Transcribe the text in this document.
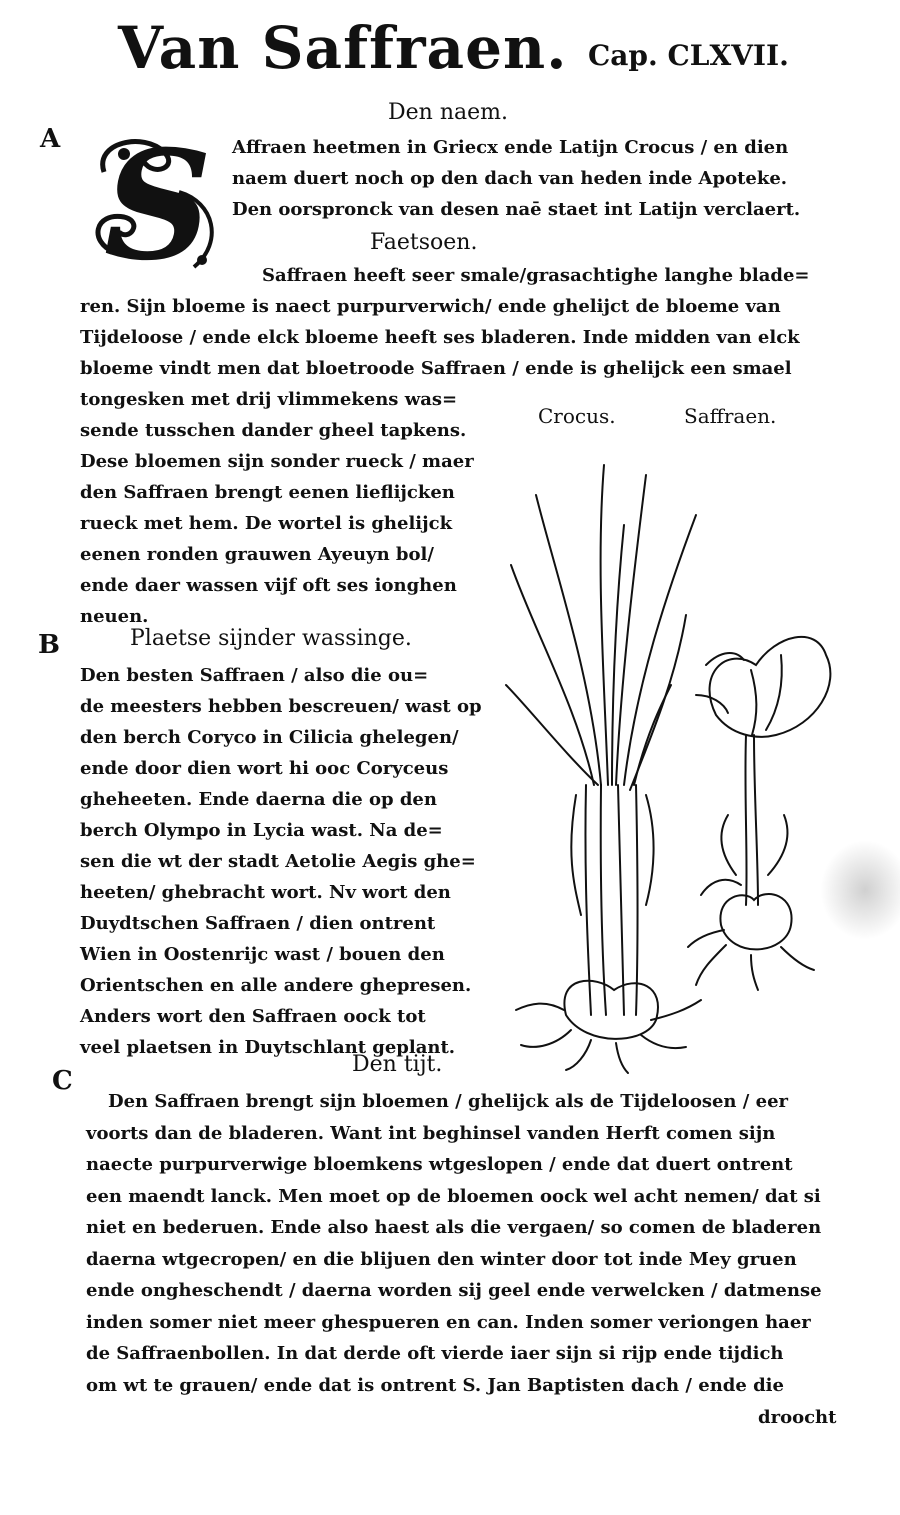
Van Saffraen. Cap. CLXVII.
A
Den naem.
S	Affraen heetmen in Griecx ende Latijn Crocus / en dien
naem duert noch op den dach van heden inde Apoteke.
Den oorspronck van desen naē staet int Latijn verclaert.
Faetsoen.
Saffraen heeft seer smale/grasachtighe langhe blade=
ren. Sijn bloeme is naect purpurverwich/ ende ghelijct de bloeme van
Tijdeloose / ende elck bloeme heeft ses bladeren. Inde midden van elck
bloeme vindt men dat bloetroode Saffraen / ende is ghelijck een smael
tongesken met drij vlimmekens was=
sende tusschen dander gheel tapkens.
Dese bloemen sijn sonder rueck / maer
den Saffraen brengt eenen lieflijcken
rueck met hem. De wortel is ghelijck
eenen ronden grauwen Ayeuyn bol/
ende daer wassen vijf oft ses ionghen
neuen.
Crocus.	Saffraen.
B	Plaetse sijnder wassinge.
Den besten Saffraen / also die ou=
de meesters hebben bescreuen/ wast op
den berch Coryco in Cilicia ghelegen/
ende door dien wort hi ooc Coryceus
gheheeten. Ende daerna die op den
berch Olympo in Lycia wast. Na de=
sen die wt der stadt Aetolie Aegis ghe=
heeten/ ghebracht wort. Nv wort den
Duydtschen Saffraen / dien ontrent
Wien in Oostenrijc wast / bouen den
Orientschen en alle andere ghepresen.
Anders wort den Saffraen oock tot
veel plaetsen in Duytschlant geplant.
Den tijt.
C
Den Saffraen brengt sijn bloemen / ghelijck als de Tijdeloosen / eer
voorts dan de bladeren. Want int beghinsel vanden Herft comen sijn
naecte purpurverwige bloemkens wtgeslopen / ende dat duert ontrent
een maendt lanck. Men moet op de bloemen oock wel acht nemen/ dat si
niet en bederuen. Ende also haest als die vergaen/ so comen de bladeren
daerna wtgecropen/ en die blijuen den winter door tot inde Mey gruen
ende ongheschendt / daerna worden sij geel ende verwelcken / datmense
inden somer niet meer ghespueren en can. Inden somer veriongen haer
de Saffraenbollen. In dat derde oft vierde iaer sijn si rijp ende tijdich
om wt te grauen/ ende dat is ontrent S. Jan Baptisten dach / ende die
droocht
